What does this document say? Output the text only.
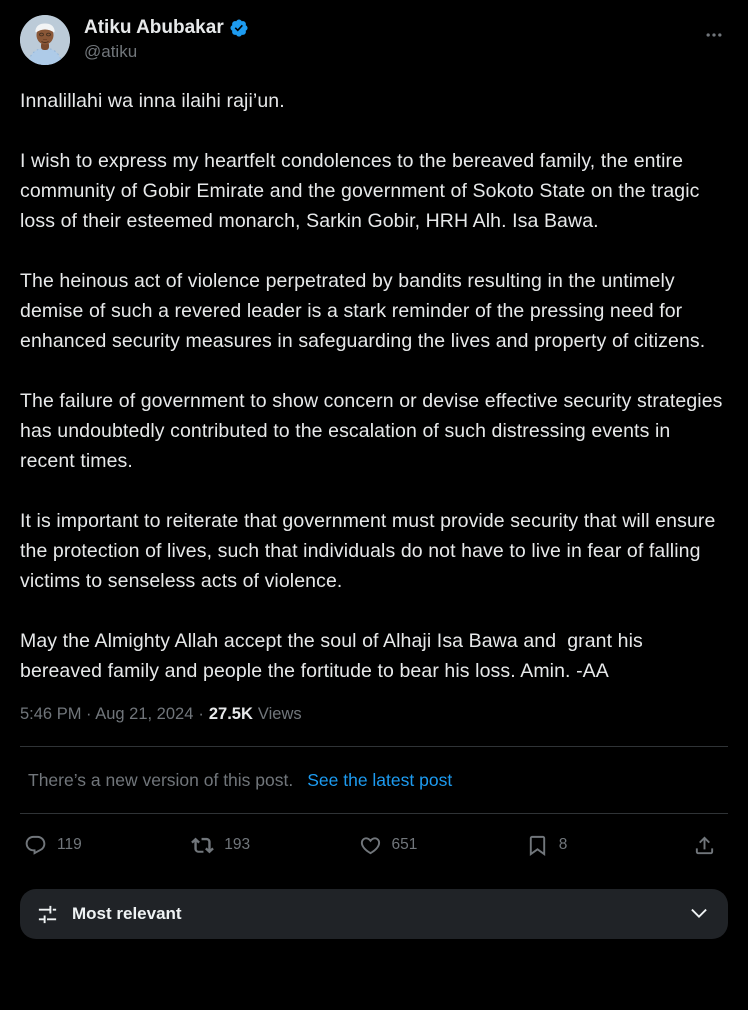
Atiku Abubakar
@atiku

Innalillahi wa inna ilaihi raji’un.

I wish to express my heartfelt condolences to the bereaved family, the entire community of Gobir Emirate and the government of Sokoto State on the tragic loss of their esteemed monarch, Sarkin Gobir, HRH Alh. Isa Bawa.

The heinous act of violence perpetrated by bandits resulting in the untimely demise of such a revered leader is a stark reminder of the pressing need for enhanced security measures in safeguarding the lives and property of citizens.

The failure of government to show concern or devise effective security strategies has undoubtedly contributed to the escalation of such distressing events in recent times.

It is important to reiterate that government must provide security that will ensure the protection of lives, such that individuals do not have to live in fear of falling victims to senseless acts of violence.

May the Almighty Allah accept the soul of Alhaji Isa Bawa and  grant his bereaved family and people the fortitude to bear his loss. Amin. -AA

5:46 PM · Aug 21, 2024 · 27.5K Views
There’s a new version of this post. See the latest post
119	193	651	8
Most relevant
